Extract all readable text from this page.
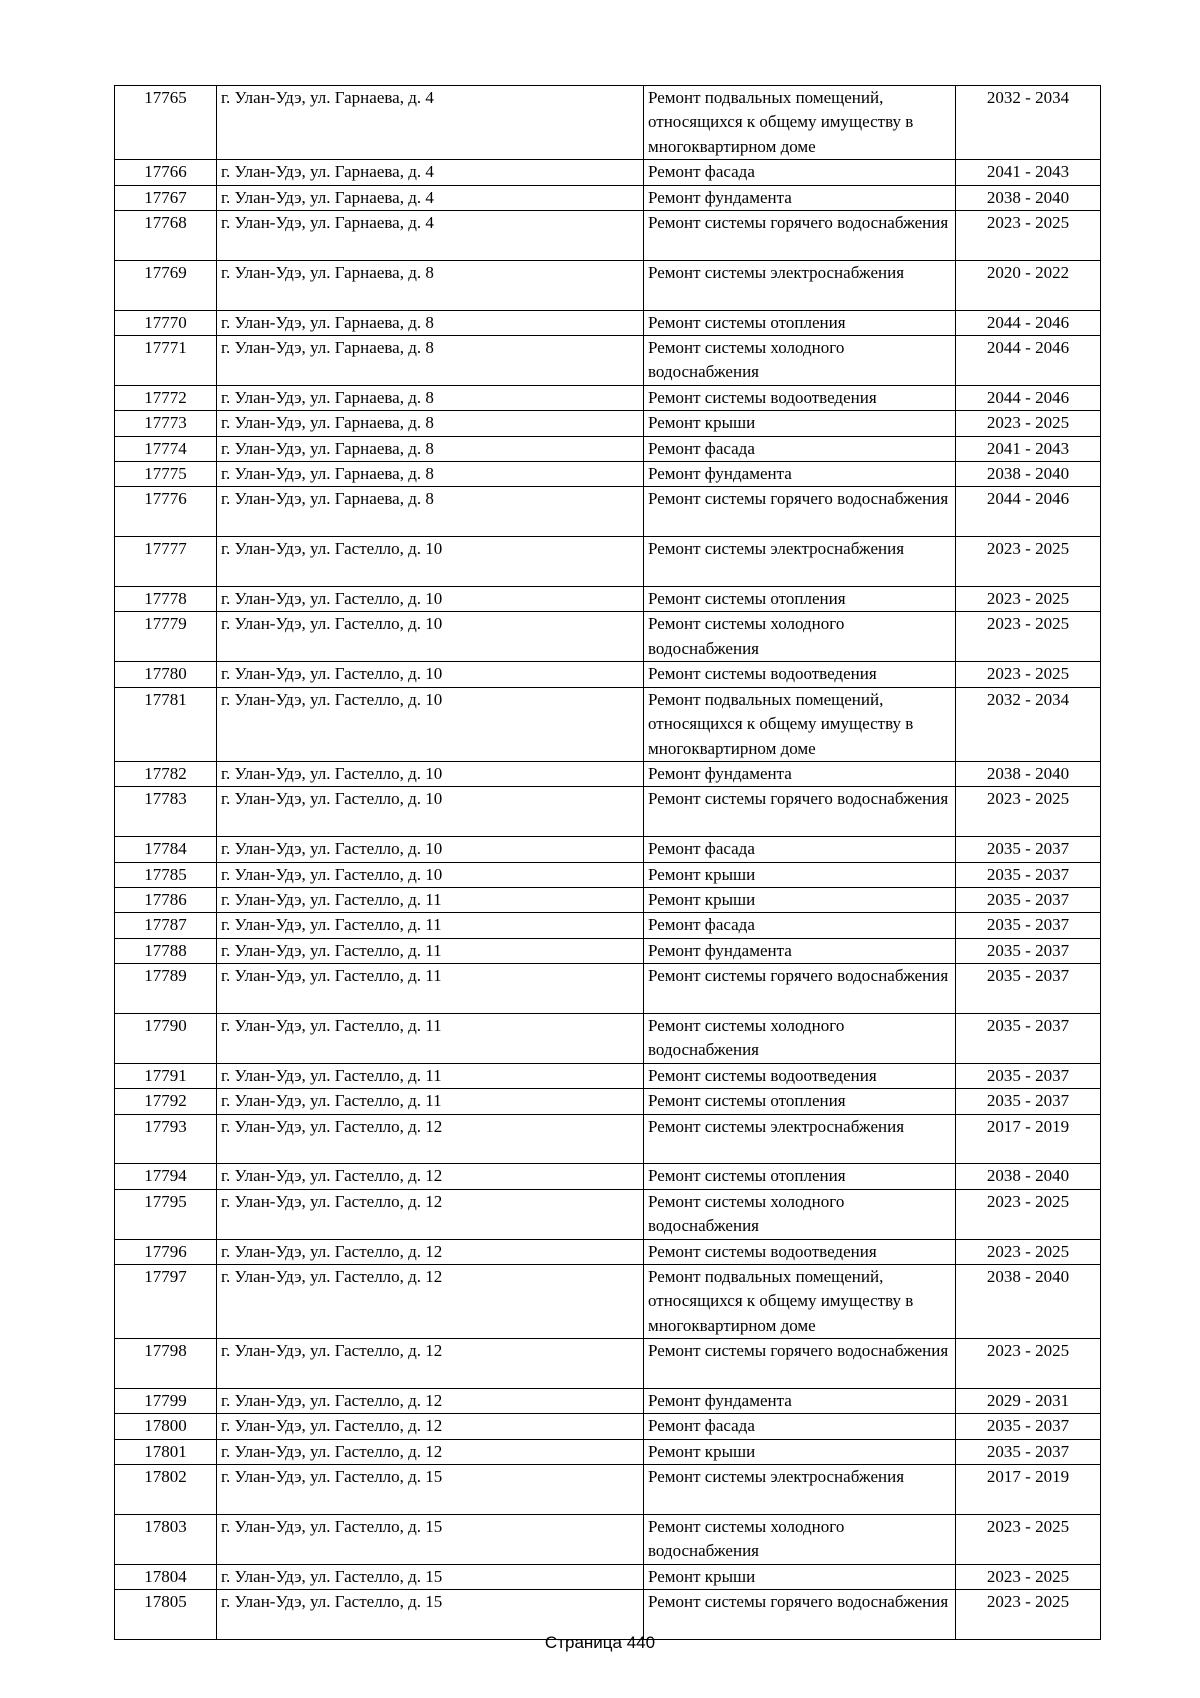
17765	г. Улан-Удэ, ул. Гарнаева, д. 4	Ремонт подвальных помещений, относящихся к общему имуществу в многоквартирном доме	2032 - 2034
17766	г. Улан-Удэ, ул. Гарнаева, д. 4	Ремонт фасада	2041 - 2043
17767	г. Улан-Удэ, ул. Гарнаева, д. 4	Ремонт фундамента	2038 - 2040
17768	г. Улан-Удэ, ул. Гарнаева, д. 4	Ремонт системы горячего водоснабжения	2023 - 2025
17769	г. Улан-Удэ, ул. Гарнаева, д. 8	Ремонт системы электроснабжения	2020 - 2022
17770	г. Улан-Удэ, ул. Гарнаева, д. 8	Ремонт системы отопления	2044 - 2046
17771	г. Улан-Удэ, ул. Гарнаева, д. 8	Ремонт системы холодного водоснабжения	2044 - 2046
17772	г. Улан-Удэ, ул. Гарнаева, д. 8	Ремонт системы водоотведения	2044 - 2046
17773	г. Улан-Удэ, ул. Гарнаева, д. 8	Ремонт крыши	2023 - 2025
17774	г. Улан-Удэ, ул. Гарнаева, д. 8	Ремонт фасада	2041 - 2043
17775	г. Улан-Удэ, ул. Гарнаева, д. 8	Ремонт фундамента	2038 - 2040
17776	г. Улан-Удэ, ул. Гарнаева, д. 8	Ремонт системы горячего водоснабжения	2044 - 2046
17777	г. Улан-Удэ, ул. Гастелло, д. 10	Ремонт системы электроснабжения	2023 - 2025
17778	г. Улан-Удэ, ул. Гастелло, д. 10	Ремонт системы отопления	2023 - 2025
17779	г. Улан-Удэ, ул. Гастелло, д. 10	Ремонт системы холодного водоснабжения	2023 - 2025
17780	г. Улан-Удэ, ул. Гастелло, д. 10	Ремонт системы водоотведения	2023 - 2025
17781	г. Улан-Удэ, ул. Гастелло, д. 10	Ремонт подвальных помещений, относящихся к общему имуществу в многоквартирном доме	2032 - 2034
17782	г. Улан-Удэ, ул. Гастелло, д. 10	Ремонт фундамента	2038 - 2040
17783	г. Улан-Удэ, ул. Гастелло, д. 10	Ремонт системы горячего водоснабжения	2023 - 2025
17784	г. Улан-Удэ, ул. Гастелло, д. 10	Ремонт фасада	2035 - 2037
17785	г. Улан-Удэ, ул. Гастелло, д. 10	Ремонт крыши	2035 - 2037
17786	г. Улан-Удэ, ул. Гастелло, д. 11	Ремонт крыши	2035 - 2037
17787	г. Улан-Удэ, ул. Гастелло, д. 11	Ремонт фасада	2035 - 2037
17788	г. Улан-Удэ, ул. Гастелло, д. 11	Ремонт фундамента	2035 - 2037
17789	г. Улан-Удэ, ул. Гастелло, д. 11	Ремонт системы горячего водоснабжения	2035 - 2037
17790	г. Улан-Удэ, ул. Гастелло, д. 11	Ремонт системы холодного водоснабжения	2035 - 2037
17791	г. Улан-Удэ, ул. Гастелло, д. 11	Ремонт системы водоотведения	2035 - 2037
17792	г. Улан-Удэ, ул. Гастелло, д. 11	Ремонт системы отопления	2035 - 2037
17793	г. Улан-Удэ, ул. Гастелло, д. 12	Ремонт системы электроснабжения	2017 - 2019
17794	г. Улан-Удэ, ул. Гастелло, д. 12	Ремонт системы отопления	2038 - 2040
17795	г. Улан-Удэ, ул. Гастелло, д. 12	Ремонт системы холодного водоснабжения	2023 - 2025
17796	г. Улан-Удэ, ул. Гастелло, д. 12	Ремонт системы водоотведения	2023 - 2025
17797	г. Улан-Удэ, ул. Гастелло, д. 12	Ремонт подвальных помещений, относящихся к общему имуществу в многоквартирном доме	2038 - 2040
17798	г. Улан-Удэ, ул. Гастелло, д. 12	Ремонт системы горячего водоснабжения	2023 - 2025
17799	г. Улан-Удэ, ул. Гастелло, д. 12	Ремонт фундамента	2029 - 2031
17800	г. Улан-Удэ, ул. Гастелло, д. 12	Ремонт фасада	2035 - 2037
17801	г. Улан-Удэ, ул. Гастелло, д. 12	Ремонт крыши	2035 - 2037
17802	г. Улан-Удэ, ул. Гастелло, д. 15	Ремонт системы электроснабжения	2017 - 2019
17803	г. Улан-Удэ, ул. Гастелло, д. 15	Ремонт системы холодного водоснабжения	2023 - 2025
17804	г. Улан-Удэ, ул. Гастелло, д. 15	Ремонт крыши	2023 - 2025
17805	г. Улан-Удэ, ул. Гастелло, д. 15	Ремонт системы горячего водоснабжения	2023 - 2025
Страница 440
